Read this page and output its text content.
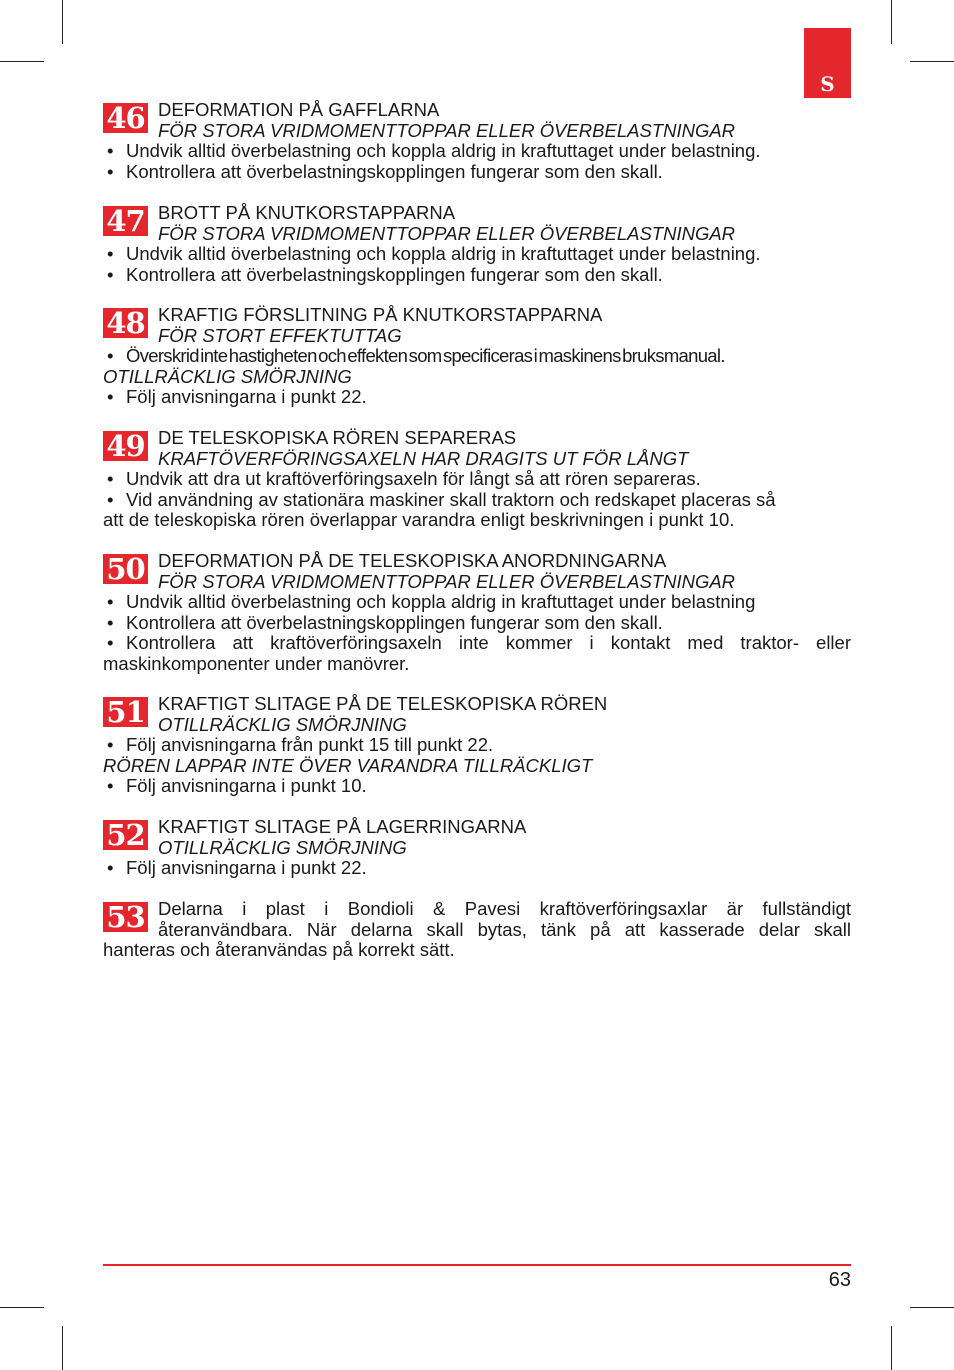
S
46 DEFORMATION PÅ GAFFLARNA
FÖR STORA VRIDMOMENTTOPPAR ELLER ÖVERBELASTNINGAR
• Undvik alltid överbelastning och koppla aldrig in kraftuttaget under belastning.
• Kontrollera att överbelastningskopplingen fungerar som den skall.
47 BROTT PÅ KNUTKORSTAPPARNA
FÖR STORA VRIDMOMENTTOPPAR ELLER ÖVERBELASTNINGAR
• Undvik alltid överbelastning och koppla aldrig in kraftuttaget under belastning.
• Kontrollera att överbelastningskopplingen fungerar som den skall.
48 KRAFTIG FÖRSLITNING PÅ KNUTKORSTAPPARNA
FÖR STORT EFFEKTUTTAG
• Överskrid inte hastigheten och effekten som specificeras i maskinens bruksmanual.
OTILLRÄCKLIG SMÖRJNING
• Följ anvisningarna i punkt 22.
49 DE TELESKOPISKA RÖREN SEPARERAS
KRAFTÖVERFÖRINGSAXELN HAR DRAGITS UT FÖR LÅNGT
• Undvik att dra ut kraftöverföringsaxeln för långt så att rören separeras.
• Vid användning av stationära maskiner skall traktorn och redskapet placeras så
att de teleskopiska rören överlappar varandra enligt beskrivningen i punkt 10.
50 DEFORMATION PÅ DE TELESKOPISKA ANORDNINGARNA
FÖR STORA VRIDMOMENTTOPPAR ELLER ÖVERBELASTNINGAR
• Undvik alltid överbelastning och koppla aldrig in kraftuttaget under belastning
• Kontrollera att överbelastningskopplingen fungerar som den skall.
• Kontrollera att kraftöverföringsaxeln inte kommer i kontakt med traktor- eller
maskinkomponenter under manövrer.
51 KRAFTIGT SLITAGE PÅ DE TELESKOPISKA RÖREN
OTILLRÄCKLIG SMÖRJNING
• Följ anvisningarna från punkt 15 till punkt 22.
RÖREN LAPPAR INTE ÖVER VARANDRA TILLRÄCKLIGT
• Följ anvisningarna i punkt 10.
52 KRAFTIGT SLITAGE PÅ LAGERRINGARNA
OTILLRÄCKLIG SMÖRJNING
• Följ anvisningarna i punkt 22.
53 Delarna i plast i Bondioli & Pavesi kraftöverföringsaxlar är fullständigt
återanvändbara. När delarna skall bytas, tänk på att kasserade delar skall
hanteras och återanvändas på korrekt sätt.
63
